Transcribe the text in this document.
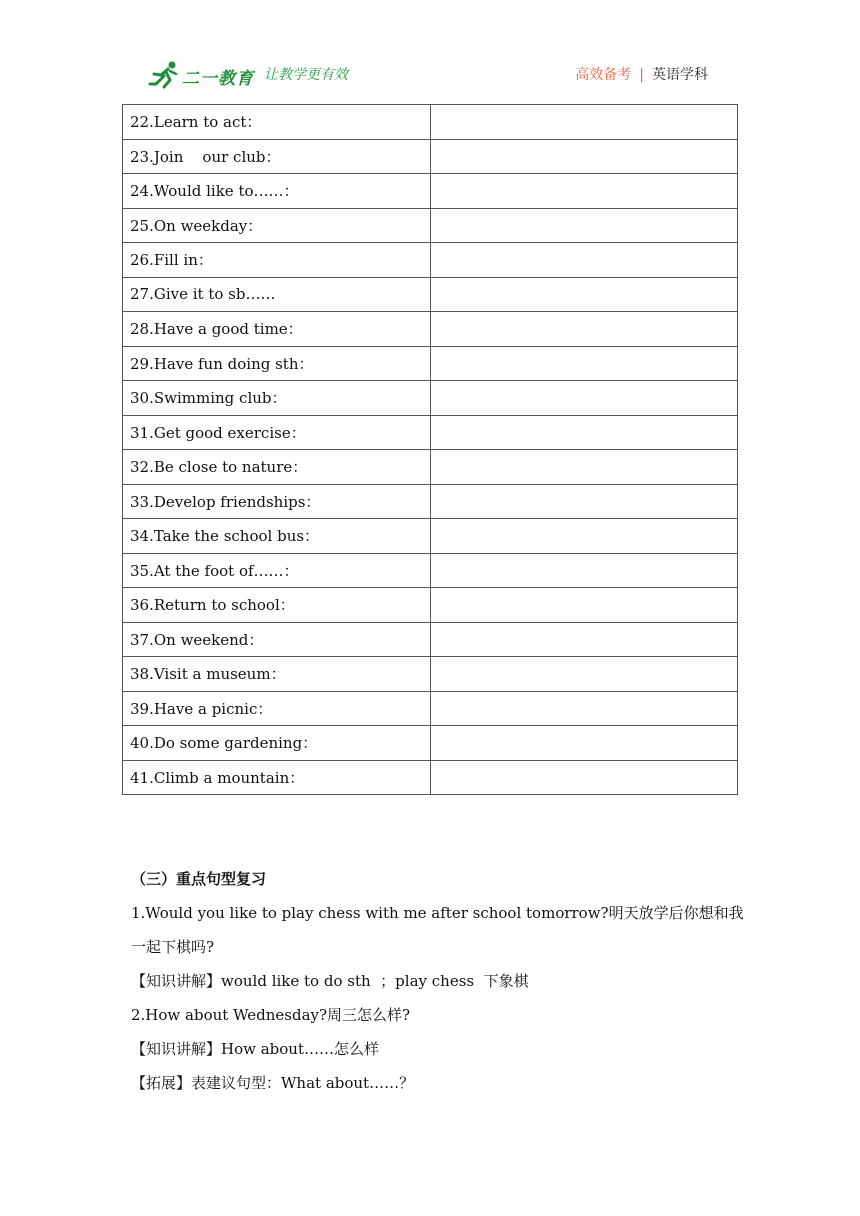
二一教育 让教学更有效	高效备考 | 英语学科
22.Learn to act：	
23.Join    our club：	
24.Would like to……：	
25.On weekday：	
26.Fill in：	
27.Give it to sb……	
28.Have a good time：	
29.Have fun doing sth：	
30.Swimming club：	
31.Get good exercise：	
32.Be close to nature：	
33.Develop friendships：	
34.Take the school bus：	
35.At the foot of……：	
36.Return to school：	
37.On weekend：	
38.Visit a museum：	
39.Have a picnic：	
40.Do some gardening：	
41.Climb a mountain：	
（三）重点句型复习
1.Would you like to play chess with me after school tomorrow?明天放学后你想和我
一起下棋吗?
【知识讲解】would like to do sth  ；play chess  下象棋
2.How about Wednesday?周三怎么样?
【知识讲解】How about……怎么样
【拓展】表建议句型：What about……？
